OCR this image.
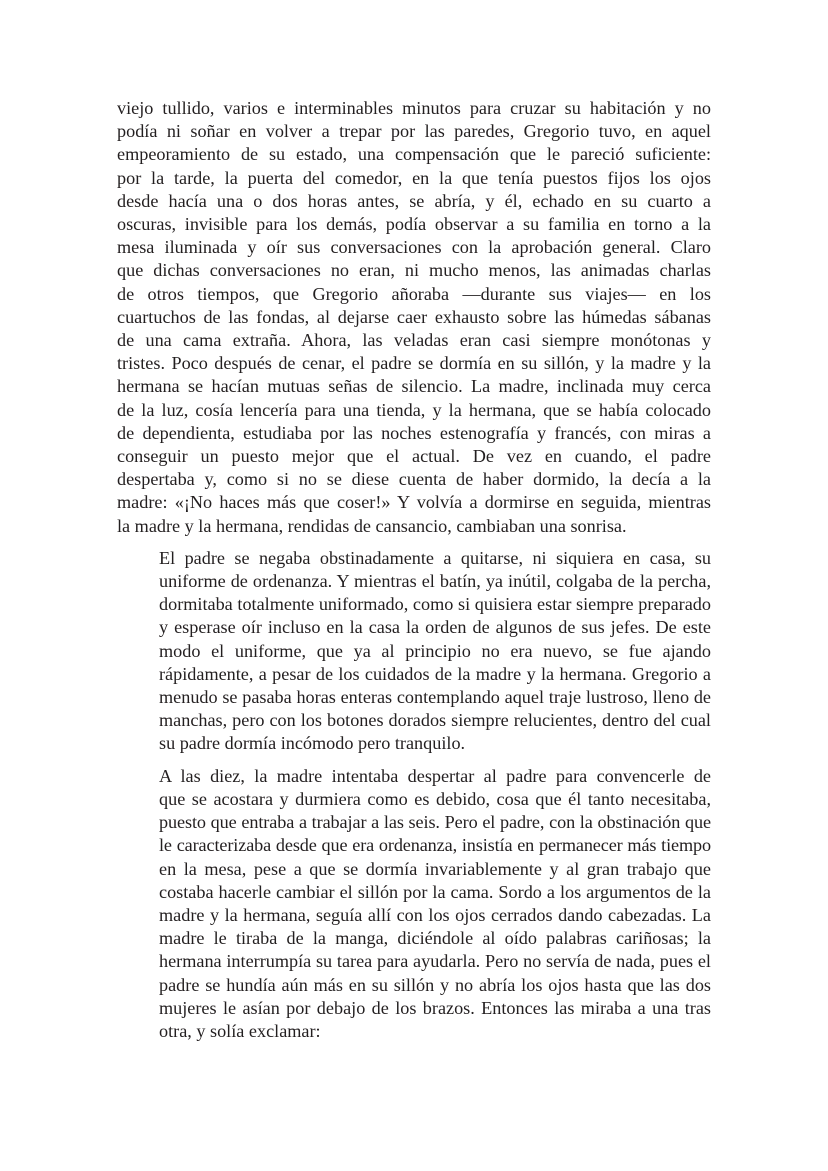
viejo tullido, varios e interminables minutos para cruzar su habitación y no
podía ni soñar en volver a trepar por las paredes, Gregorio tuvo, en aquel
empeoramiento de su estado, una compensación que le pareció suficiente:
por la tarde, la puerta del comedor, en la que tenía puestos fijos los ojos
desde hacía una o dos horas antes, se abría, y él, echado en su cuarto a
oscuras, invisible para los demás, podía observar a su familia en torno a la
mesa iluminada y oír sus conversaciones con la aprobación general. Claro
que dichas conversaciones no eran, ni mucho menos, las animadas charlas
de otros tiempos, que Gregorio añoraba —durante sus viajes— en los
cuartuchos de las fondas, al dejarse caer exhausto sobre las húmedas sábanas
de una cama extraña. Ahora, las veladas eran casi siempre monótonas y
tristes. Poco después de cenar, el padre se dormía en su sillón, y la madre y la
hermana se hacían mutuas señas de silencio. La madre, inclinada muy cerca
de la luz, cosía lencería para una tienda, y la hermana, que se había colocado
de dependienta, estudiaba por las noches estenografía y francés, con miras a
conseguir un puesto mejor que el actual. De vez en cuando, el padre
despertaba y, como si no se diese cuenta de haber dormido, la decía a la
madre: «¡No haces más que coser!» Y volvía a dormirse en seguida, mientras
la madre y la hermana, rendidas de cansancio, cambiaban una sonrisa.

El padre se negaba obstinadamente a quitarse, ni siquiera en casa, su
uniforme de ordenanza. Y mientras el batín, ya inútil, colgaba de la percha,
dormitaba totalmente uniformado, como si quisiera estar siempre preparado
y esperase oír incluso en la casa la orden de algunos de sus jefes. De este
modo el uniforme, que ya al principio no era nuevo, se fue ajando
rápidamente, a pesar de los cuidados de la madre y la hermana. Gregorio a
menudo se pasaba horas enteras contemplando aquel traje lustroso, lleno de
manchas, pero con los botones dorados siempre relucientes, dentro del cual
su padre dormía incómodo pero tranquilo.

A las diez, la madre intentaba despertar al padre para convencerle de
que se acostara y durmiera como es debido, cosa que él tanto necesitaba,
puesto que entraba a trabajar a las seis. Pero el padre, con la obstinación que
le caracterizaba desde que era ordenanza, insistía en permanecer más tiempo
en la mesa, pese a que se dormía invariablemente y al gran trabajo que
costaba hacerle cambiar el sillón por la cama. Sordo a los argumentos de la
madre y la hermana, seguía allí con los ojos cerrados dando cabezadas. La
madre le tiraba de la manga, diciéndole al oído palabras cariñosas; la
hermana interrumpía su tarea para ayudarla. Pero no servía de nada, pues el
padre se hundía aún más en su sillón y no abría los ojos hasta que las dos
mujeres le asían por debajo de los brazos. Entonces las miraba a una tras
otra, y solía exclamar:
